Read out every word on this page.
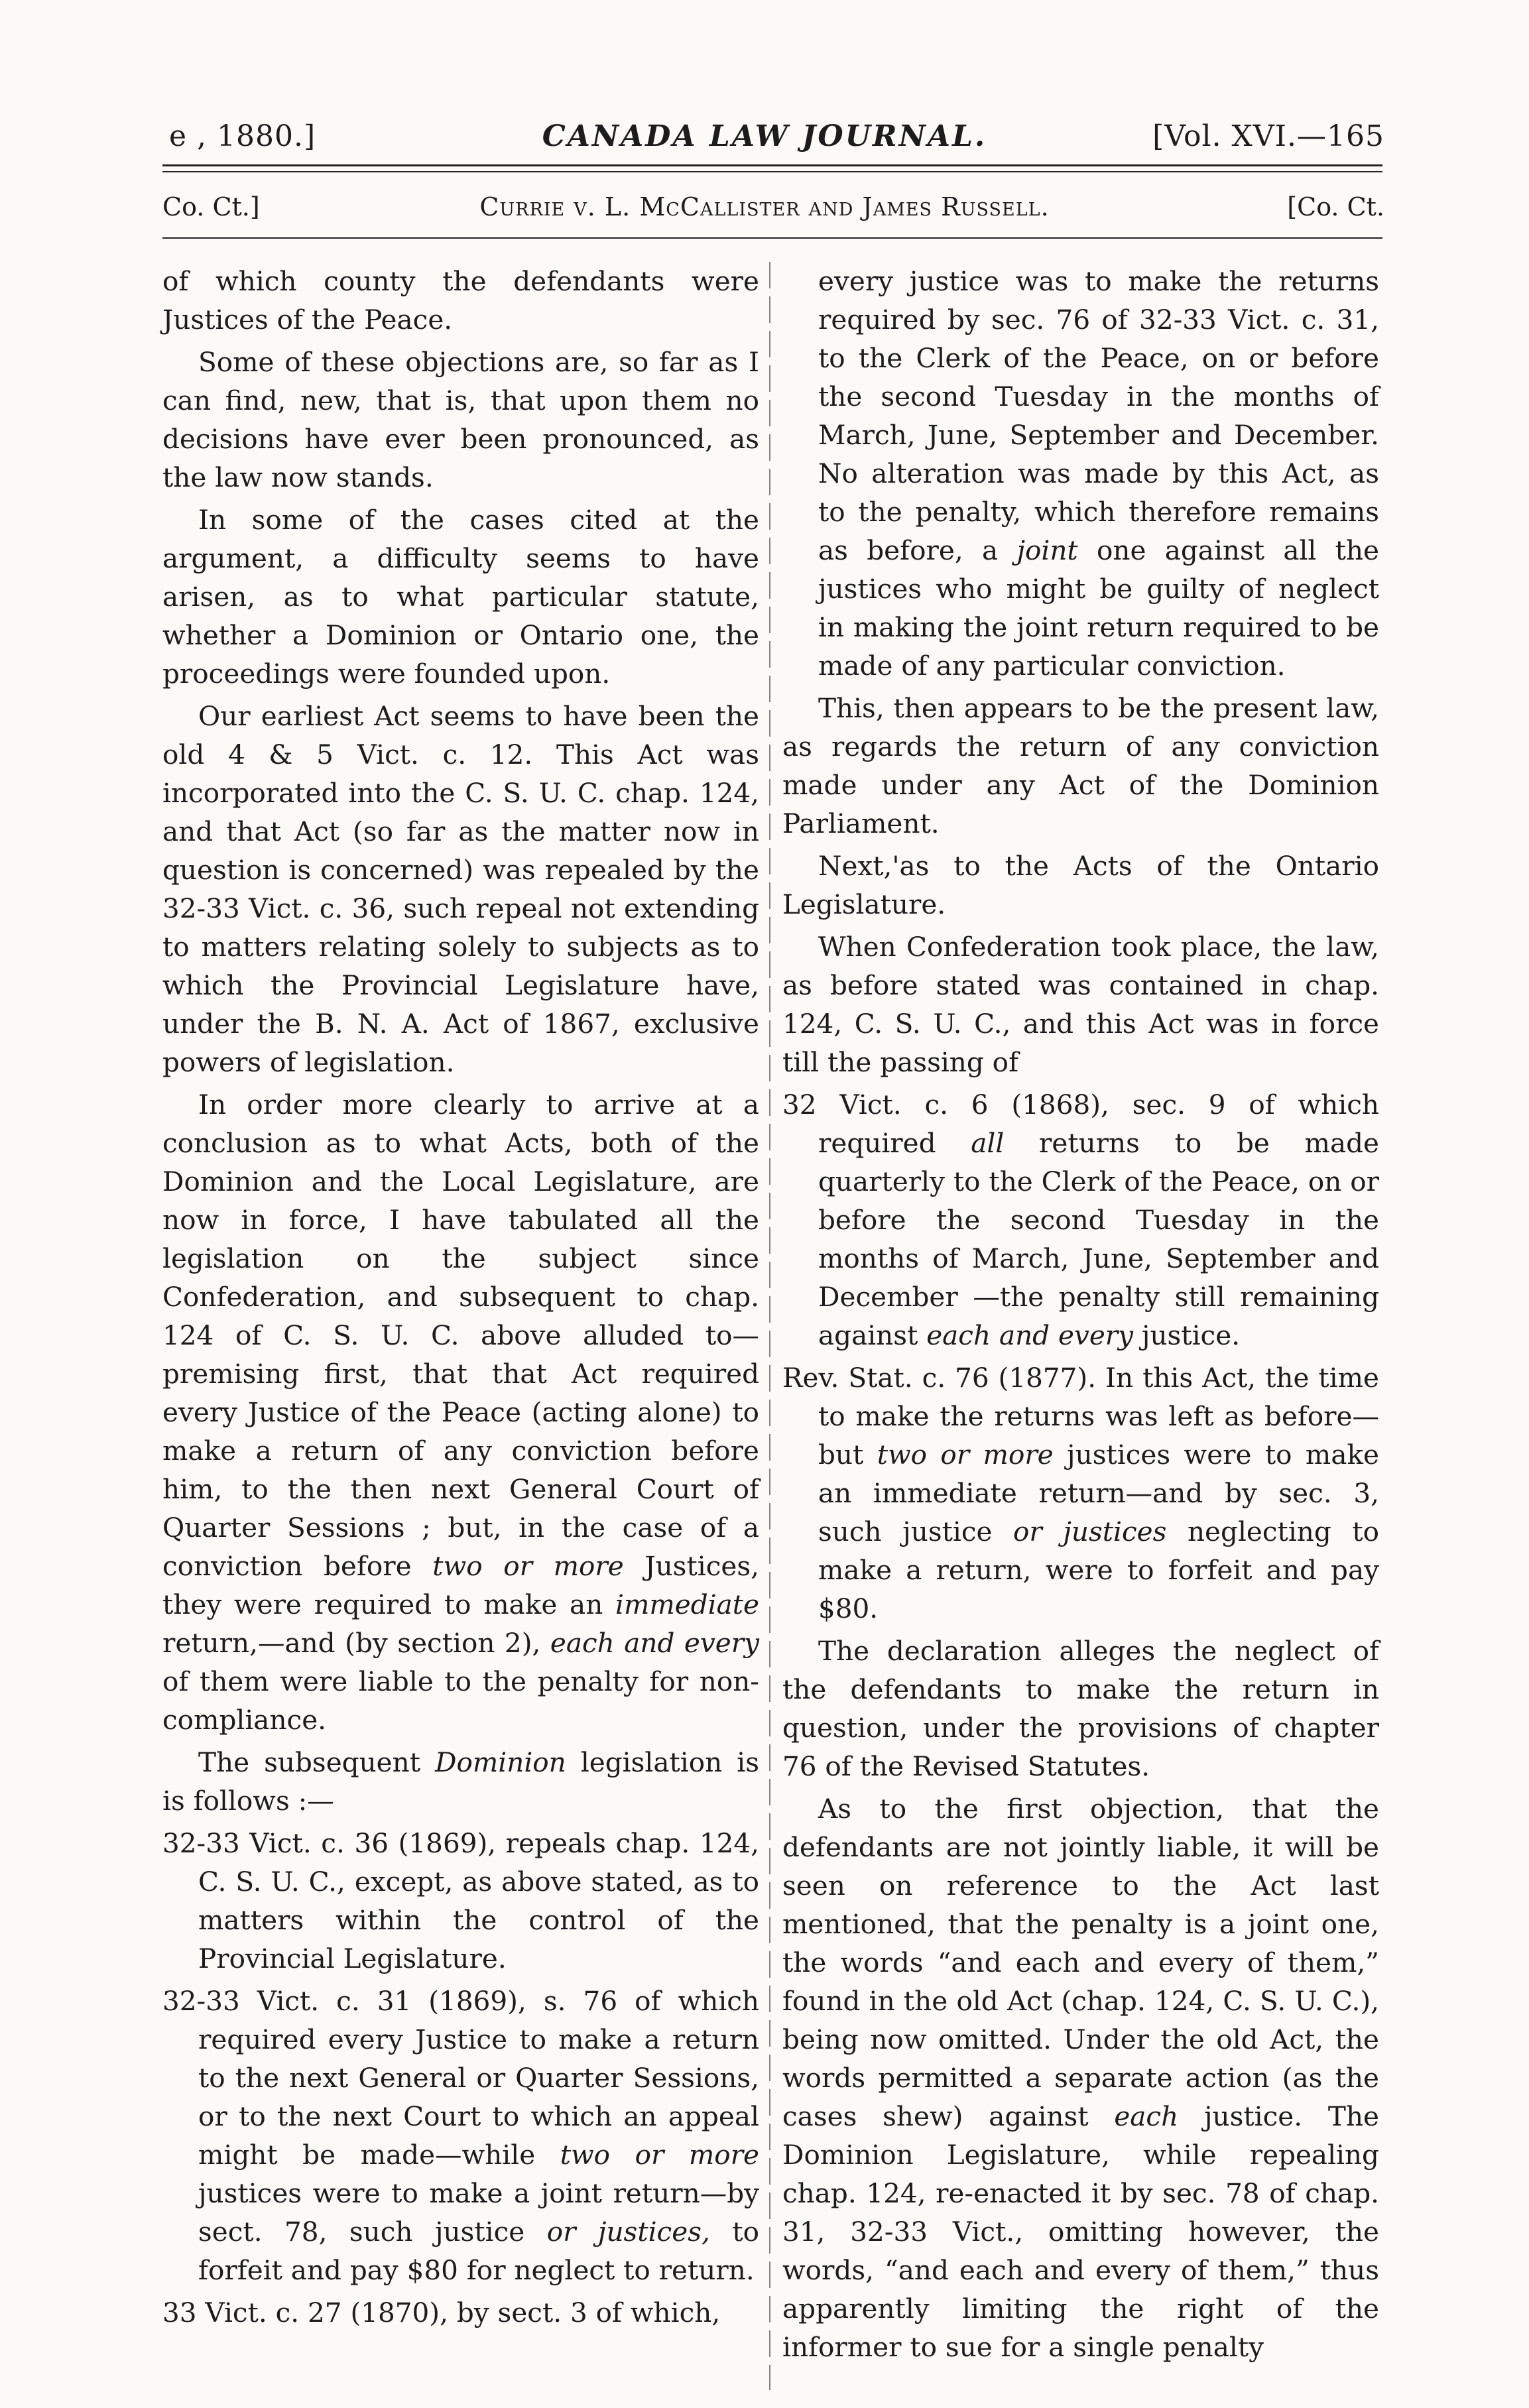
e , 1880.]	CANADA LAW JOURNAL.	[Vol. XVI.—165
Co. Ct.]	Currie v. L. McCallister and James Russell.	[Co. Ct.

of which county the defendants were Justices of the Peace.

Some of these objections are, so far as I can find, new, that is, that upon them no decisions have ever been pronounced, as the law now stands.

In some of the cases cited at the argument, a difficulty seems to have arisen, as to what particular statute, whether a Dominion or Ontario one, the proceedings were founded upon.

Our earliest Act seems to have been the old 4 & 5 Vict. c. 12. This Act was incorporated into the C. S. U. C. chap. 124, and that Act (so far as the matter now in question is concerned) was repealed by the 32-33 Vict. c. 36, such repeal not extending to matters relating solely to subjects as to which the Provincial Legislature have, under the B. N. A. Act of 1867, exclusive powers of legislation.

In order more clearly to arrive at a conclusion as to what Acts, both of the Dominion and the Local Legislature, are now in force, I have tabulated all the legislation on the subject since Confederation, and subsequent to chap. 124 of C. S. U. C. above alluded to—premising first, that that Act required every Justice of the Peace (acting alone) to make a return of any conviction before him, to the then next General Court of Quarter Sessions ; but, in the case of a conviction before two or more Justices, they were required to make an immediate return,—and (by section 2), each and every of them were liable to the penalty for non-compliance.

The subsequent Dominion legislation is is follows :—

32-33 Vict. c. 36 (1869), repeals chap. 124, C. S. U. C., except, as above stated, as to matters within the control of the Provincial Legislature.

32-33 Vict. c. 31 (1869), s. 76 of which required every Justice to make a return to the next General or Quarter Sessions, or to the next Court to which an appeal might be made—while two or more justices were to make a joint return—by sect. 78, such justice or justices, to forfeit and pay $80 for neglect to return.

33 Vict. c. 27 (1870), by sect. 3 of which,

every justice was to make the returns required by sec. 76 of 32-33 Vict. c. 31, to the Clerk of the Peace, on or before the second Tuesday in the months of March, June, September and December. No alteration was made by this Act, as to the penalty, which therefore remains as before, a joint one against all the justices who might be guilty of neglect in making the joint return required to be made of any particular conviction.

This, then appears to be the present law, as regards the return of any conviction made under any Act of the Dominion Parliament.

Next,'as to the Acts of the Ontario Legislature.

When Confederation took place, the law, as before stated was contained in chap. 124, C. S. U. C., and this Act was in force till the passing of

32 Vict. c. 6 (1868), sec. 9 of which required all returns to be made quarterly to the Clerk of the Peace, on or before the second Tuesday in the months of March, June, September and December —the penalty still remaining against each and every justice.

Rev. Stat. c. 76 (1877). In this Act, the time to make the returns was left as before—but two or more justices were to make an immediate return—and by sec. 3, such justice or justices neglecting to make a return, were to forfeit and pay $80.

The declaration alleges the neglect of the defendants to make the return in question, under the provisions of chapter 76 of the Revised Statutes.

As to the first objection, that the defendants are not jointly liable, it will be seen on reference to the Act last mentioned, that the penalty is a joint one, the words “and each and every of them,” found in the old Act (chap. 124, C. S. U. C.), being now omitted. Under the old Act, the words permitted a separate action (as the cases shew) against each justice. The Dominion Legislature, while repealing chap. 124, re-enacted it by sec. 78 of chap. 31, 32-33 Vict., omitting however, the words, “and each and every of them,” thus apparently limiting the right of the informer to sue for a single penalty
